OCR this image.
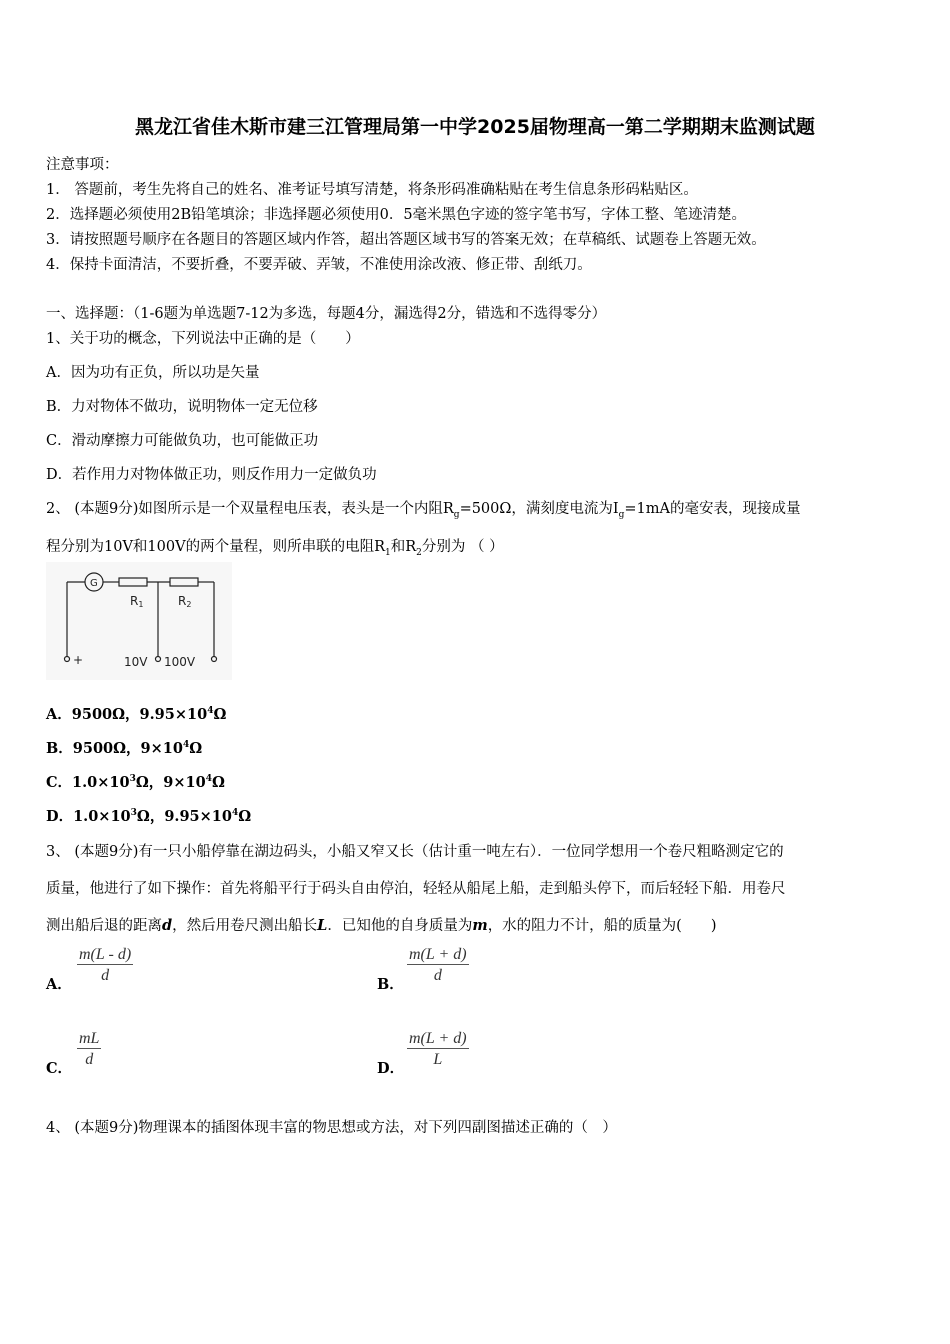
黑龙江省佳木斯市建三江管理局第一中学2025届物理高一第二学期期末监测试题
注意事项：
1． 答题前，考生先将自己的姓名、准考证号填写清楚，将条形码准确粘贴在考生信息条形码粘贴区。
2．选择题必须使用2B铅笔填涂；非选择题必须使用0．5毫米黑色字迹的签字笔书写，字体工整、笔迹清楚。
3．请按照题号顺序在各题目的答题区域内作答，超出答题区域书写的答案无效；在草稿纸、试题卷上答题无效。
4．保持卡面清洁，不要折叠，不要弄破、弄皱，不准使用涂改液、修正带、刮纸刀。
一、选择题：（1-6题为单选题7-12为多选，每题4分，漏选得2分，错选和不选得零分）
1、关于功的概念，下列说法中正确的是（　　）
A．因为功有正负，所以功是矢量
B．力对物体不做功，说明物体一定无位移
C．滑动摩擦力可能做负功，也可能做正功
D．若作用力对物体做正功，则反作用力一定做负功
2、 (本题9分)如图所示是一个双量程电压表，表头是一个内阻$R_g=500\Omega$，满刻度电流为$I_g=1mA$的毫安表，现接成量
程分别为10V和100V的两个量程，则所串联的电阻$R_1$和$R_2$分别为 （ ）
G
R1	R2
+	10V 100V
A．9500Ω，$9.95\times 10^4\Omega$
B．9500Ω，$9\times 10^4\Omega$
C．$1.0\times 10^3\Omega$，$9\times 10^4\Omega$
D．$1.0\times 10^3\Omega$，$9.95\times 10^4\Omega$
3、 (本题9分)有一只小船停靠在湖边码头，小船又窄又长（估计重一吨左右）．一位同学想用一个卷尺粗略测定它的
质量，他进行了如下操作：首先将船平行于码头自由停泊，轻轻从船尾上船，走到船头停下，而后轻轻下船．用卷尺
测出船后退的距离d，然后用卷尺测出船长L．已知他的自身质量为m，水的阻力不计，船的质量为(　　)
A． $\frac{m(L - d)}{d}$	B． $\frac{m(L + d)}{d}$
C． $\frac{mL}{d}$	D． $\frac{m(L + d)}{L}$
4、 (本题9分)物理课本的插图体现丰富的物思想或方法，对下列四副图描述正确的（　）
